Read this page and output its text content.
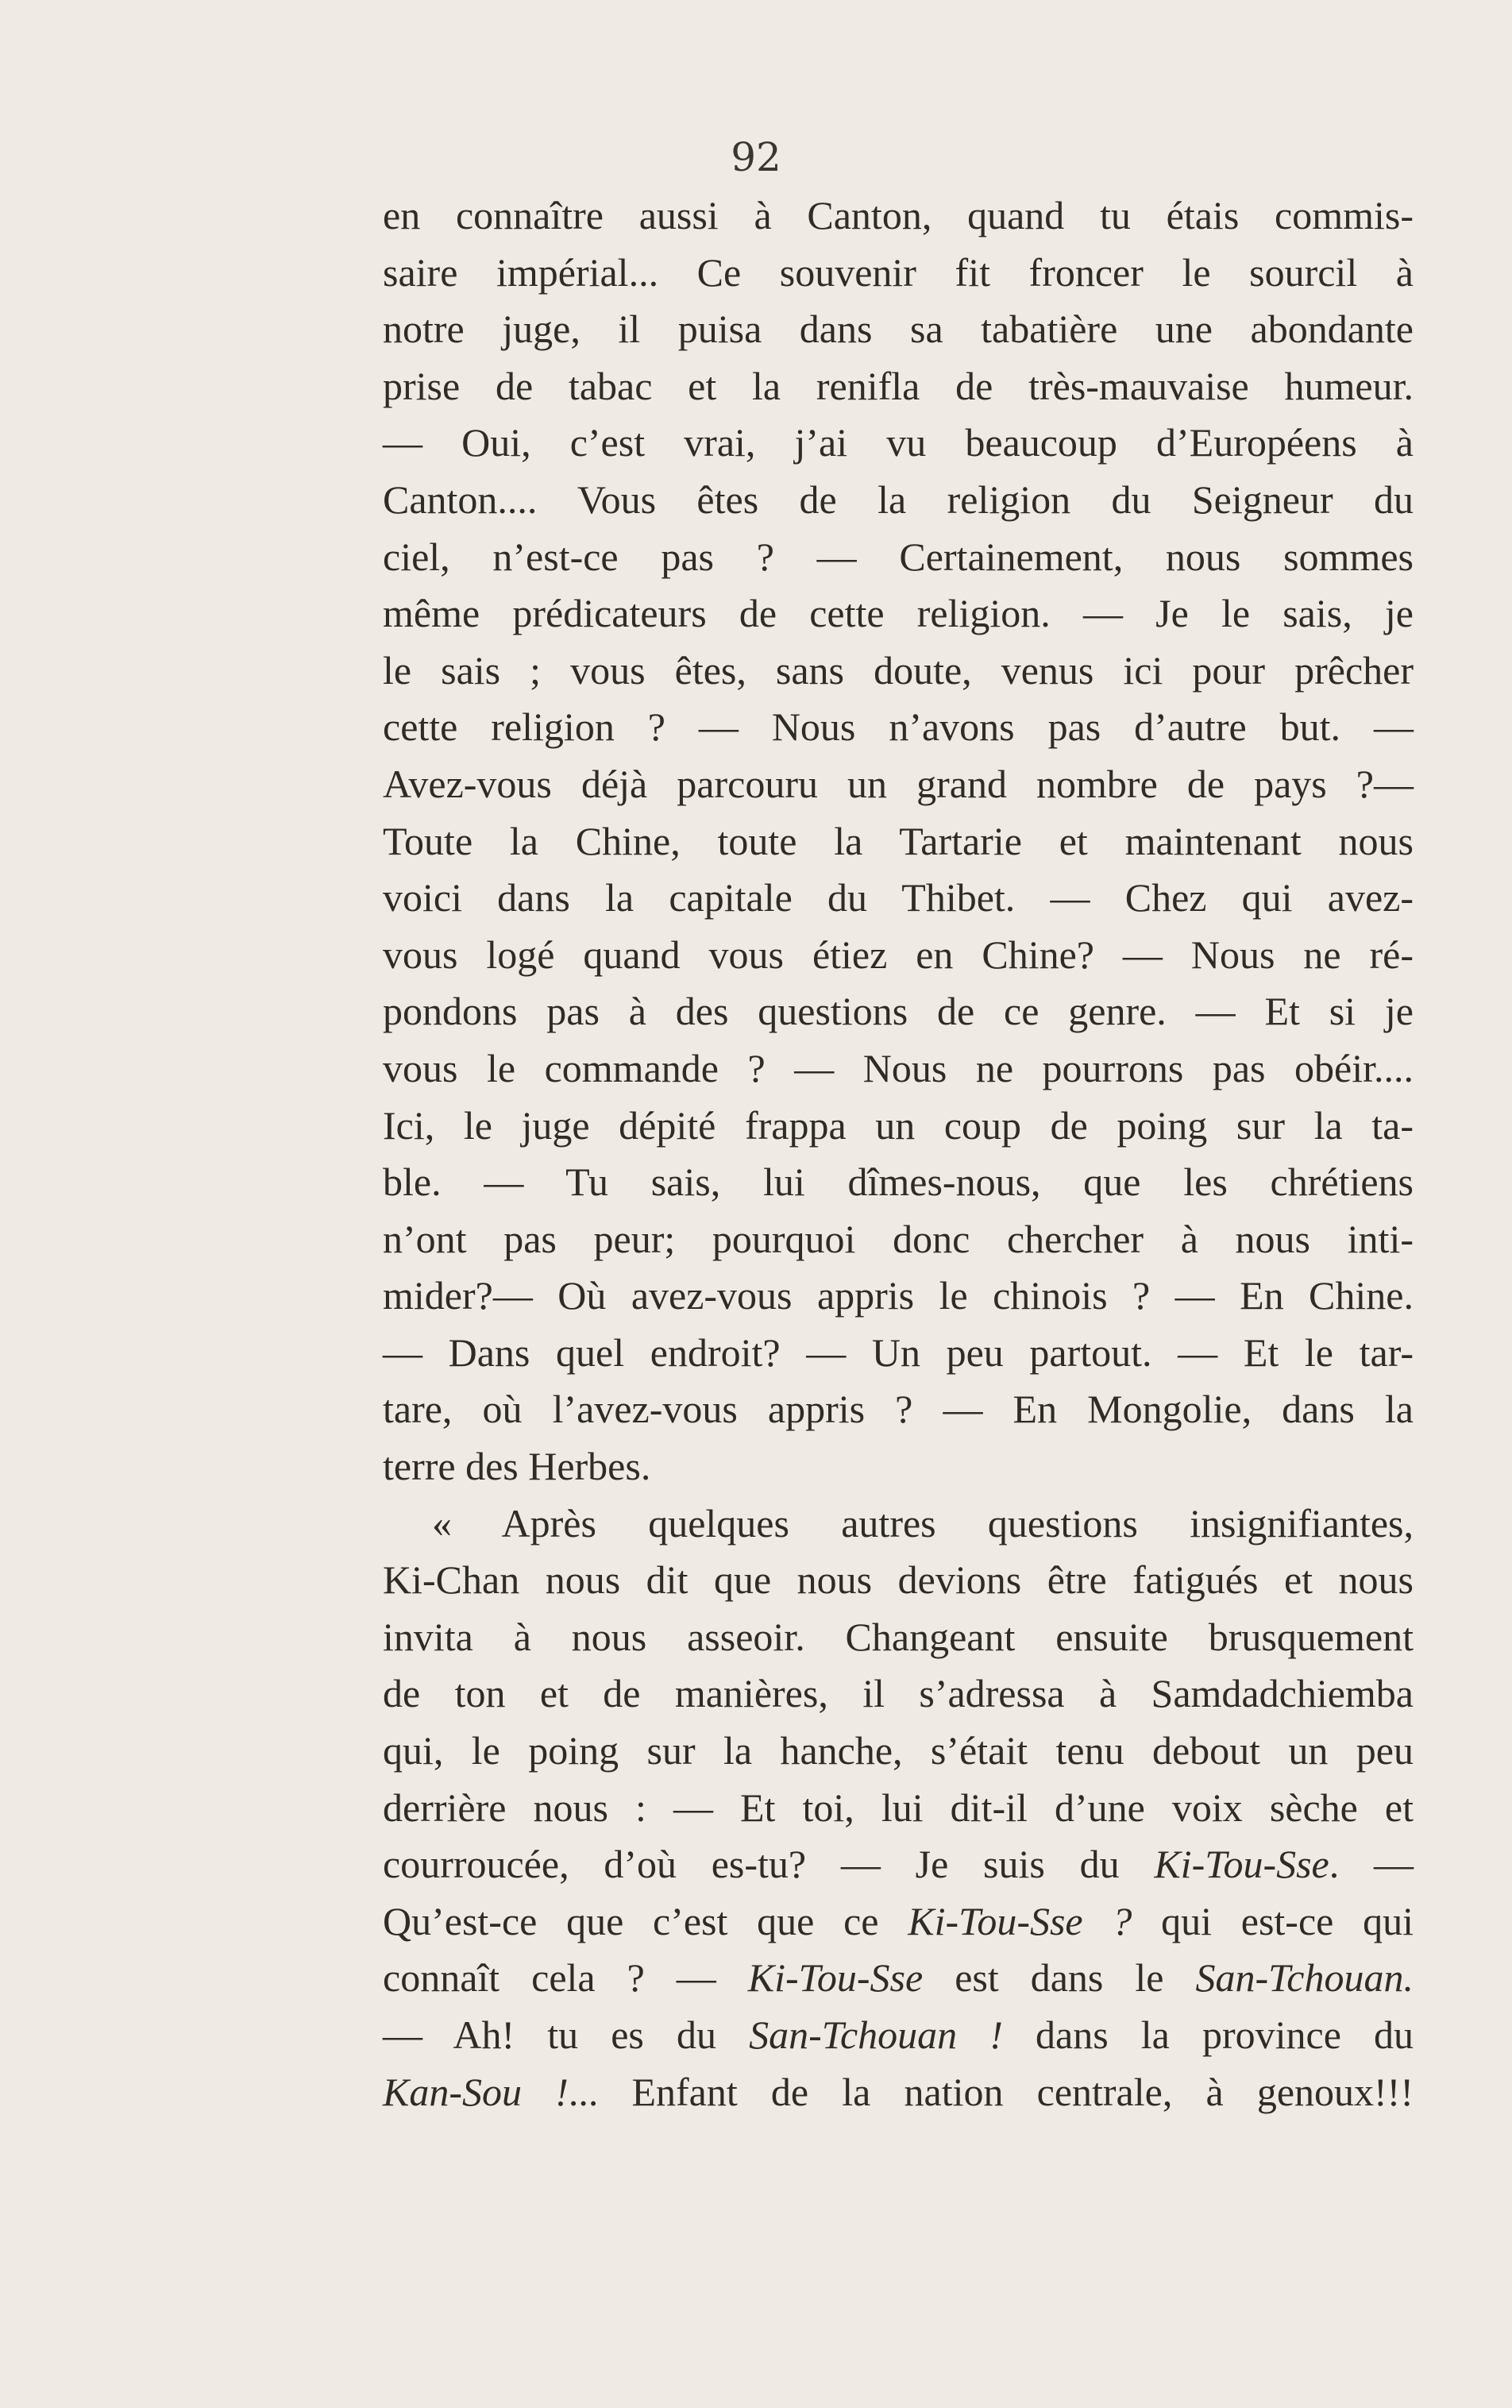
92
en connaître aussi à Canton, quand tu étais commis-
saire impérial... Ce souvenir fit froncer le sourcil à
notre juge, il puisa dans sa tabatière une abondante
prise de tabac et la renifla de très-mauvaise humeur.
— Oui, c’est vrai, j’ai vu beaucoup d’Européens à
Canton.... Vous êtes de la religion du Seigneur du
ciel, n’est-ce pas ? — Certainement, nous sommes
même prédicateurs de cette religion. — Je le sais, je
le sais ; vous êtes, sans doute, venus ici pour prêcher
cette religion ? — Nous n’avons pas d’autre but. —
Avez-vous déjà parcouru un grand nombre de pays ?—
Toute la Chine, toute la Tartarie et maintenant nous
voici dans la capitale du Thibet. — Chez qui avez-
vous logé quand vous étiez en Chine? — Nous ne ré-
pondons pas à des questions de ce genre. — Et si je
vous le commande ? — Nous ne pourrons pas obéir....
Ici, le juge dépité frappa un coup de poing sur la ta-
ble. — Tu sais, lui dîmes-nous, que les chrétiens
n’ont pas peur; pourquoi donc chercher à nous inti-
mider?— Où avez-vous appris le chinois ? — En Chine.
— Dans quel endroit? — Un peu partout. — Et le tar-
tare, où l’avez-vous appris ? — En Mongolie, dans la
terre des Herbes.
« Après quelques autres questions insignifiantes,
Ki-Chan nous dit que nous devions être fatigués et nous
invita à nous asseoir. Changeant ensuite brusquement
de ton et de manières, il s’adressa à Samdadchiemba
qui, le poing sur la hanche, s’était tenu debout un peu
derrière nous : — Et toi, lui dit-il d’une voix sèche et
courroucée, d’où es-tu? — Je suis du Ki-Tou-Sse. —
Qu’est-ce que c’est que ce Ki-Tou-Sse ? qui est-ce qui
connaît cela ? — Ki-Tou-Sse est dans le San-Tchouan.
— Ah! tu es du San-Tchouan ! dans la province du
Kan-Sou !... Enfant de la nation centrale, à genoux!!!
